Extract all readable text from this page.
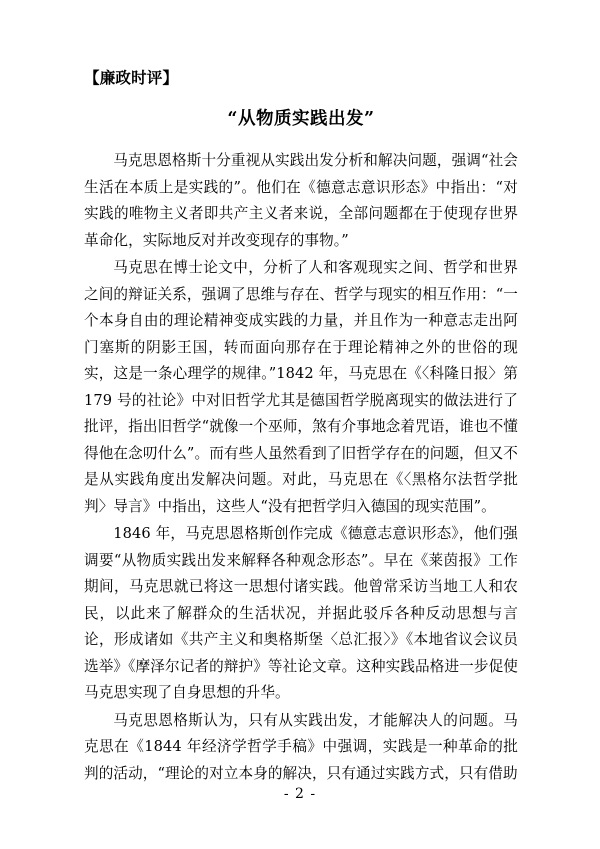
【廉政时评】
“从物质实践出发”

马克思恩格斯十分重视从实践出发分析和解决问题，强调“社会生活在本质上是实践的”。他们在《德意志意识形态》中指出：“对实践的唯物主义者即共产主义者来说，全部问题都在于使现存世界革命化，实际地反对并改变现存的事物。”

马克思在博士论文中，分析了人和客观现实之间、哲学和世界之间的辩证关系，强调了思维与存在、哲学与现实的相互作用：“一个本身自由的理论精神变成实践的力量，并且作为一种意志走出阿门塞斯的阴影王国，转而面向那存在于理论精神之外的世俗的现实，这是一条心理学的规律。”1842 年，马克思在《〈科隆日报〉第 179 号的社论》中对旧哲学尤其是德国哲学脱离现实的做法进行了批评，指出旧哲学“就像一个巫师，煞有介事地念着咒语，谁也不懂得他在念叨什么”。而有些人虽然看到了旧哲学存在的问题，但又不是从实践角度出发解决问题。对此，马克思在《〈黑格尔法哲学批判〉导言》中指出，这些人“没有把哲学归入德国的现实范围”。

1846 年，马克思恩格斯创作完成《德意志意识形态》，他们强调要“从物质实践出发来解释各种观念形态”。早在《莱茵报》工作期间，马克思就已将这一思想付诸实践。他曾常采访当地工人和农民，以此来了解群众的生活状况，并据此驳斥各种反动思想与言论，形成诸如《共产主义和奥格斯堡〈总汇报〉》《本地省议会议员选举》《摩泽尔记者的辩护》等社论文章。这种实践品格进一步促使马克思实现了自身思想的升华。

马克思恩格斯认为，只有从实践出发，才能解决人的问题。马克思在《1844 年经济学哲学手稿》中强调，实践是一种革命的批判的活动，“理论的对立本身的解决，只有通过实践方式，只有借助

- 2 -
